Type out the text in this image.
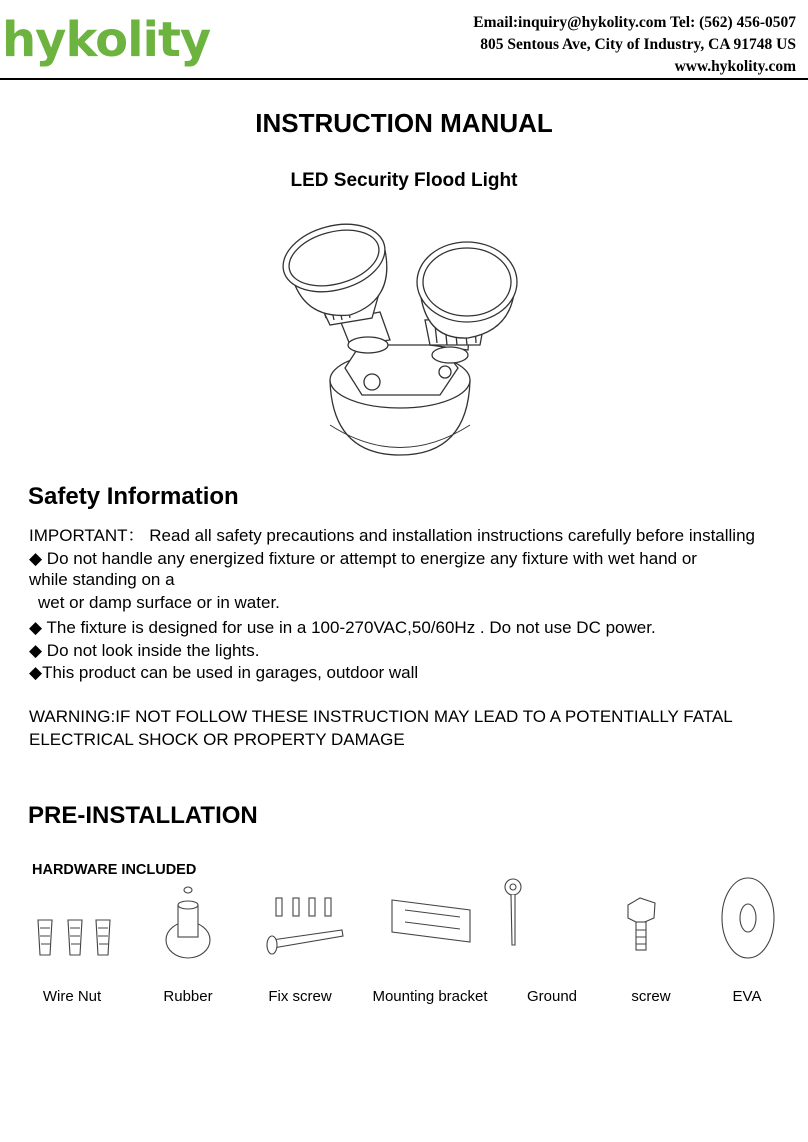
hykolity	Email:inquiry@hykolity.com Tel: (562) 456-0507
805 Sentous Ave, City of Industry, CA 91748 US
www.hykolity.com
INSTRUCTION MANUAL
LED Security Flood Light
Safety Information
IMPORTANT： Read all safety precautions and installation instructions carefully before installing
◆ Do not handle any energized fixture or attempt to energize any fixture with wet hand or
while standing on a
wet or damp surface or in water.
◆ The fixture is designed for use in a 100-270VAC,50/60Hz . Do not use DC power.
◆ Do not look inside the lights.
◆This product can be used in garages, outdoor wall
WARNING:IF NOT FOLLOW THESE INSTRUCTION MAY LEAD TO A POTENTIALLY FATAL
ELECTRICAL SHOCK OR PROPERTY DAMAGE
PRE-INSTALLATION
HARDWARE INCLUDED
Wire Nut	Rubber	Fix screw	Mounting bracket	Ground	screw	EVA
